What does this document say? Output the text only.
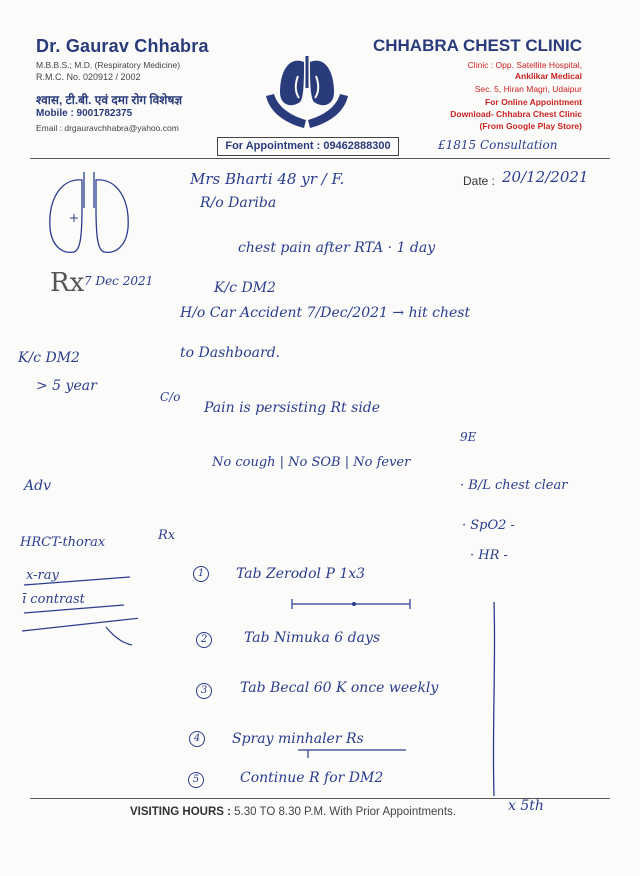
Dr. Gaurav Chhabra
M.B.B.S.; M.D. (Respiratory Medicine)
R.M.C. No. 020912 / 2002
श्वास, टी.बी. एवं दमा रोग विशेषज्ञ
Mobile : 9001782375
Email : drgauravchhabra@yahoo.com
CHHABRA CHEST CLINIC
Clinic : Opp. Satellite Hospital,
Anklikar Medical
Sec. 5, Hiran Magri, Udaipur
For Online Appointment
Download- Chhabra Chest Clinic
(From Google Play Store)
£1815 Consultation
For Appointment : 09462888300
Rx 7 Dec 2021
Mrs Bharti 48 yr / F.
R/o Dariba
Date : 20/12/2021
chest pain after RTA · 1 day
K/c DM2
H/o Car Accident 7/Dec/2021 → hit chest
to Dashboard.
K/c DM2
> 5 year
C/o
Pain is persisting Rt side
No cough | No SOB | No fever
9E
· B/L chest clear
· SpO2 -
· HR -
Adv
HRCT-thorax
x-ray
ī contrast
Rx
1	Tab Zerodol P 1x3
2	Tab Nimuka 6 days
3	Tab Becal 60 K once weekly
4	Spray minhaler Rs
5	Continue R for DM2
VISITING HOURS : 5.30 TO 8.30 P.M. With Prior Appointments.	x 5th
